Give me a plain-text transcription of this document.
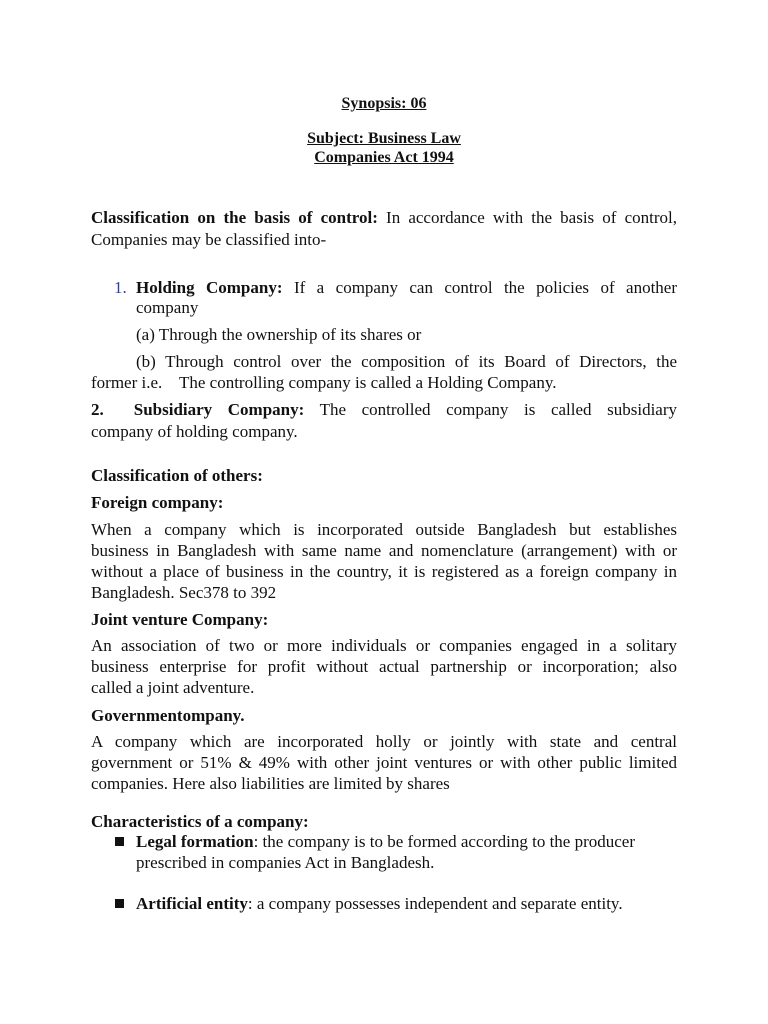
Synopsis: 06
Subject: Business Law
Companies Act 1994
Classification on the basis of control: In accordance with the basis of control,
Companies may be classified into-
1. Holding Company: If a company can control the policies of another
company
(a) Through the ownership of its shares or
(b) Through control over the composition of its Board of Directors, the
former i.e.    The controlling company is called a Holding Company.
2. Subsidiary Company: The controlled company is called subsidiary
company of holding company.
Classification of others:
Foreign company:
When a company which is incorporated outside Bangladesh but establishes
business in Bangladesh with same name and nomenclature (arrangement) with or
without a place of business in the country, it is registered as a foreign company in
Bangladesh. Sec378 to 392
Joint venture Company:
An association of two or more individuals or companies engaged in a solitary
business enterprise for profit without actual partnership or incorporation; also
called a joint adventure.
Governmentompany.
A company which are incorporated holly or jointly with state and central
government or 51% & 49% with other joint ventures or with other public limited
companies. Here also liabilities are limited by shares
Characteristics of a company:
Legal formation: the company is to be formed according to the producer
prescribed in companies Act in Bangladesh.
Artificial entity: a company possesses independent and separate entity.
